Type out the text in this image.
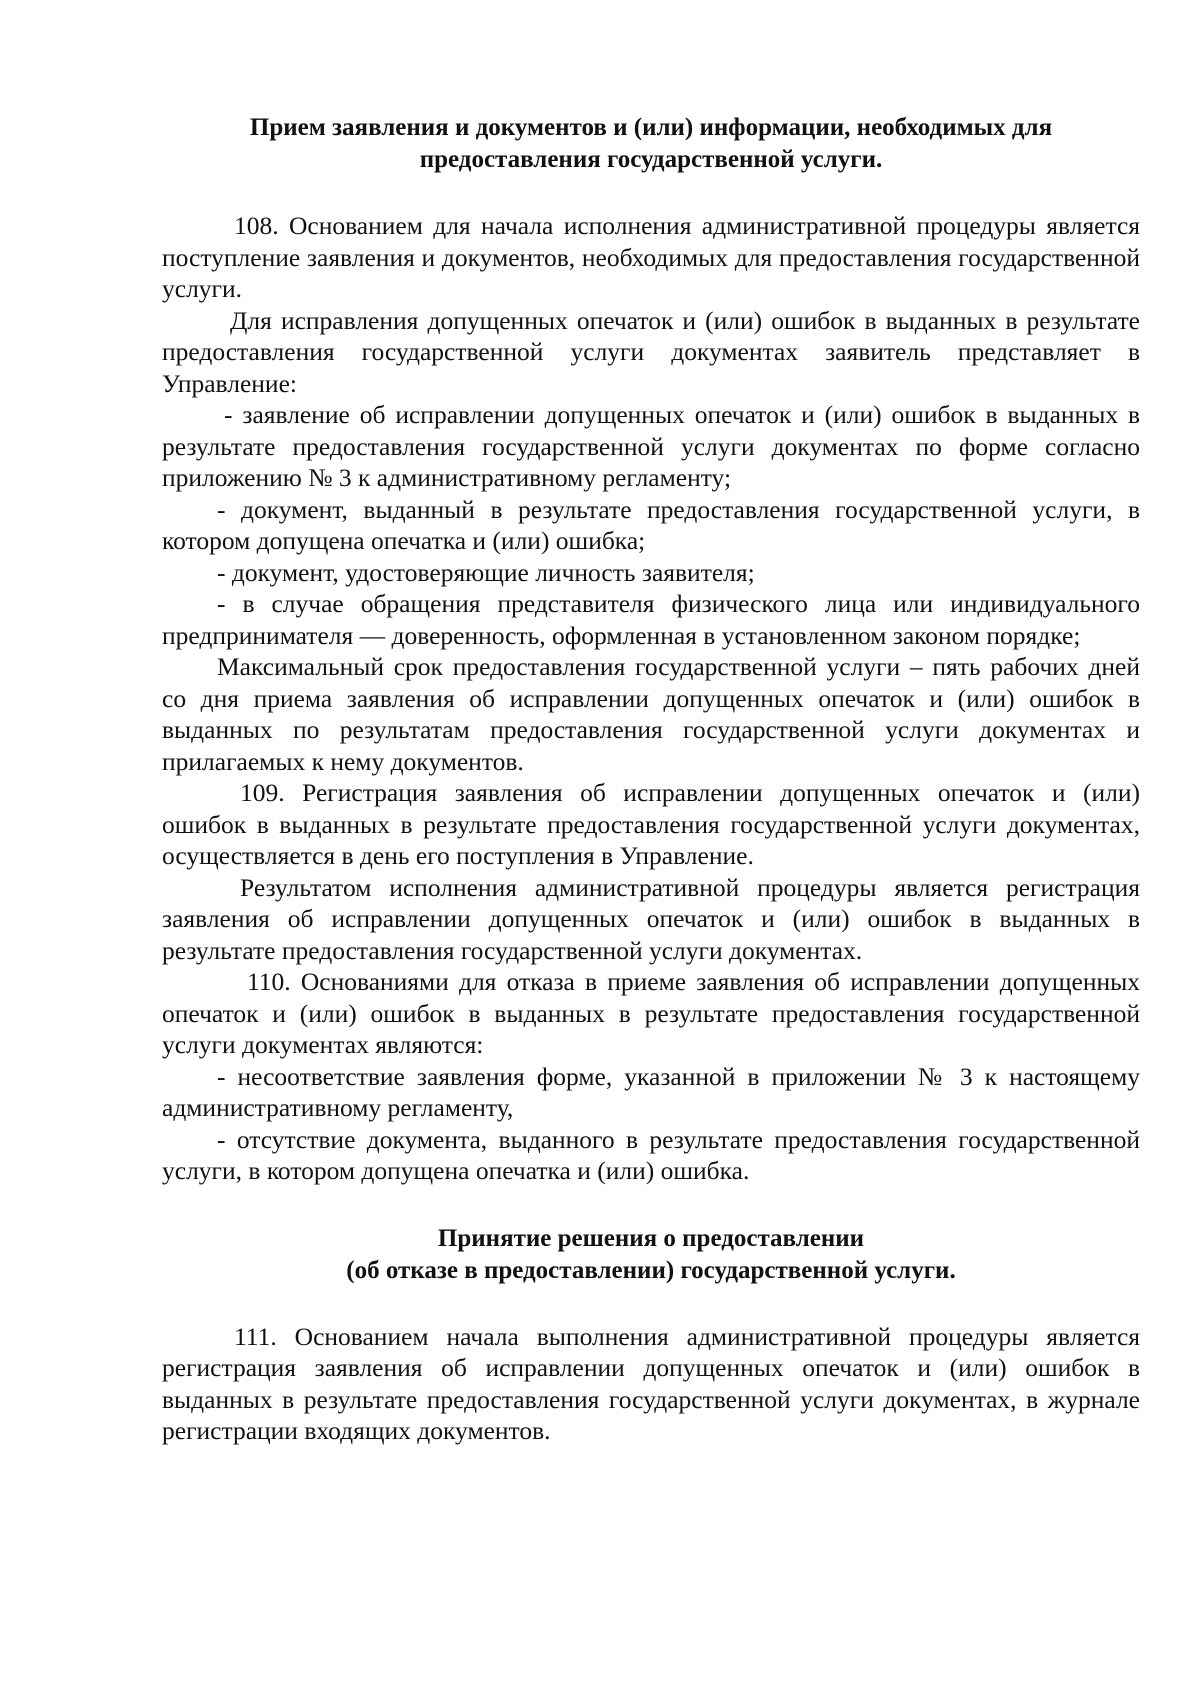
Прием заявления и документов и (или) информации, необходимых для
предоставления государственной услуги.

108. Основанием для начала исполнения административной процедуры является поступление заявления и документов, необходимых для предоставления государственной услуги.

Для исправления допущенных опечаток и (или) ошибок в выданных в результате предоставления государственной услуги документах заявитель представляет в Управление:

- заявление об исправлении допущенных опечаток и (или) ошибок в выданных в результате предоставления государственной услуги документах по форме согласно приложению № 3 к административному регламенту;

- документ, выданный в результате предоставления государственной услуги, в котором допущена опечатка и (или) ошибка;

- документ, удостоверяющие личность заявителя;

- в случае обращения представителя физического лица или индивидуального предпринимателя — доверенность, оформленная в установленном законом порядке;

Максимальный срок предоставления государственной услуги – пять рабочих дней со дня приема заявления об исправлении допущенных опечаток и (или) ошибок в выданных по результатам предоставления государственной услуги документах и прилагаемых к нему документов.

109. Регистрация заявления об исправлении допущенных опечаток и (или) ошибок в выданных в результате предоставления государственной услуги документах, осуществляется в день его поступления в Управление.

Результатом исполнения административной процедуры является регистрация заявления об исправлении допущенных опечаток и (или) ошибок в выданных в результате предоставления государственной услуги документах.

110. Основаниями для отказа в приеме заявления об исправлении допущенных опечаток и (или) ошибок в выданных в результате предоставления государственной услуги документах являются:

- несоответствие заявления форме, указанной в приложении № 3 к настоящему административному регламенту,

- отсутствие документа, выданного в результате предоставления государственной услуги, в котором допущена опечатка и (или) ошибка.

Принятие решения о предоставлении
(об отказе в предоставлении) государственной услуги.

111. Основанием начала выполнения административной процедуры является регистрация заявления об исправлении допущенных опечаток и (или) ошибок в выданных в результате предоставления государственной услуги документах, в журнале регистрации входящих документов.
